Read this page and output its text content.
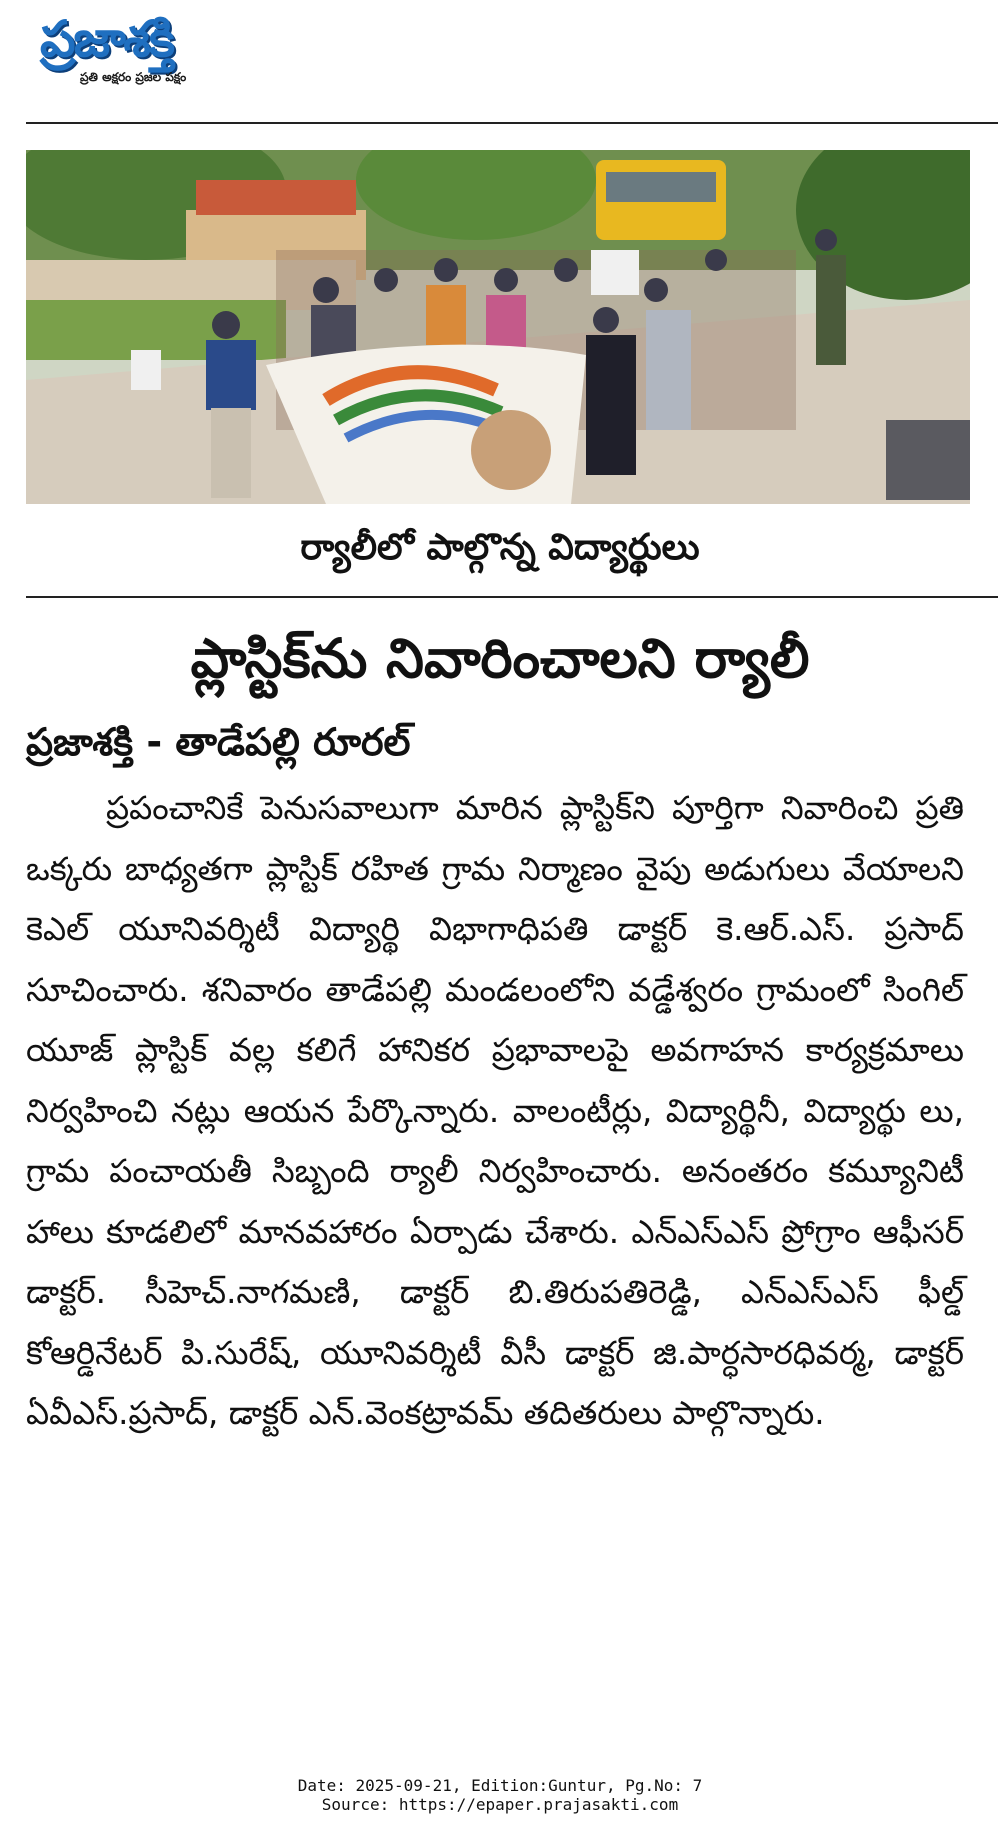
ప్రజాశక్తి
ప్రతి అక్షరం ప్రజల పక్షం
ర్యాలీలో పాల్గొన్న విద్యార్థులు
ప్లాస్టిక్‌ను నివారించాలని ర్యాలీ
ప్రజాశక్తి - తాడేపల్లి రూరల్
ప్రపంచానికే పెనుసవాలుగా మారిన ప్లాస్టిక్‌ని పూర్తిగా నివారించి ప్రతి ఒక్కరు బాధ్యతగా ప్లాస్టిక్ రహిత గ్రామ నిర్మాణం వైపు అడుగులు వేయాలని కెఎల్ యూనివర్శిటీ విద్యార్థి విభాగాధిపతి డాక్టర్ కె.ఆర్.ఎస్. ప్రసాద్ సూచించారు. శనివారం తాడేపల్లి మండలంలోని వడ్డేశ్వరం గ్రామంలో సింగిల్ యూజ్ ప్లాస్టిక్ వల్ల కలిగే హానికర ప్రభావాలపై అవగాహన కార్యక్రమాలు నిర్వహించి నట్లు ఆయన పేర్కొన్నారు. వాలంటీర్లు, విద్యార్థినీ, విద్యార్థు లు, గ్రామ పంచాయతీ సిబ్బంది ర్యాలీ నిర్వహించారు. అనంతరం కమ్యూనిటీ హాలు కూడలిలో మానవహారం ఏర్పాడు చేశారు. ఎన్ఎస్ఎస్ ప్రోగ్రాం ఆఫీసర్ డాక్టర్. సీహెచ్.నాగమణి, డాక్టర్ బి.తిరుపతిరెడ్డి, ఎన్ఎస్ఎస్ ఫీల్డ్ కోఆర్డినేటర్ పి.సురేష్, యూనివర్శిటీ వీసీ డాక్టర్ జి.పార్ధసారధివర్మ, డాక్టర్ ఏవీఎస్.ప్రసాద్, డాక్టర్ ఎన్.వెంకట్రావమ్ తదితరులు పాల్గొన్నారు.
Date: 2025-09-21, Edition:Guntur, Pg.No: 7
Source: https://epaper.prajasakti.com
